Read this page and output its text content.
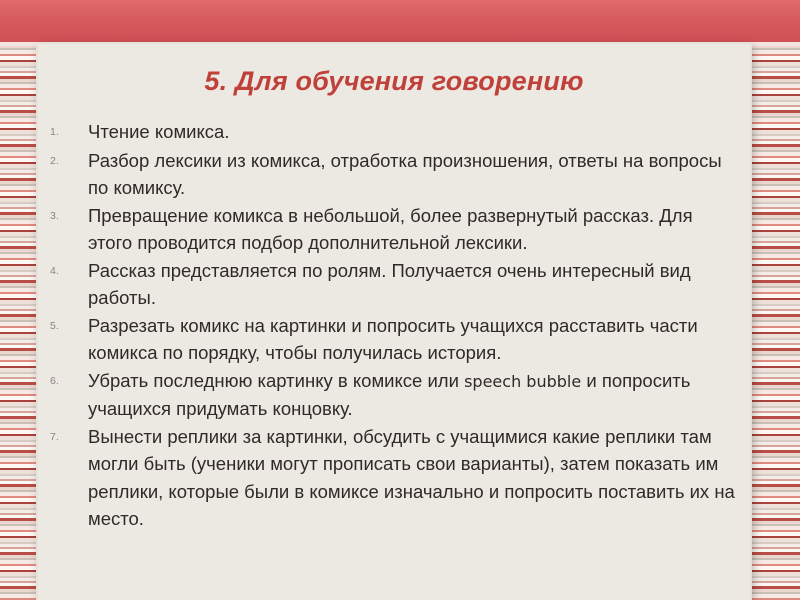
5. Для обучения говорению
1.	Чтение комикса.
2.	Разбор лексики из комикса, отработка произношения, ответы на вопросы по комиксу.
3.	Превращение комикса в небольшой, более развернутый рассказ. Для этого проводится подбор дополнительной лексики.
4.	Рассказ представляется по ролям. Получается очень интересный вид работы.
5.	Разрезать комикс на картинки и попросить учащихся расставить части комикса по порядку, чтобы получилась история.
6.	Убрать последнюю картинку в комиксе или speech bubble и попросить учащихся придумать концовку.
7.	Вынести реплики за картинки, обсудить с учащимися какие реплики там могли быть (ученики могут прописать свои варианты), затем показать им реплики, которые были в комиксе изначально и попросить поставить их на место.
